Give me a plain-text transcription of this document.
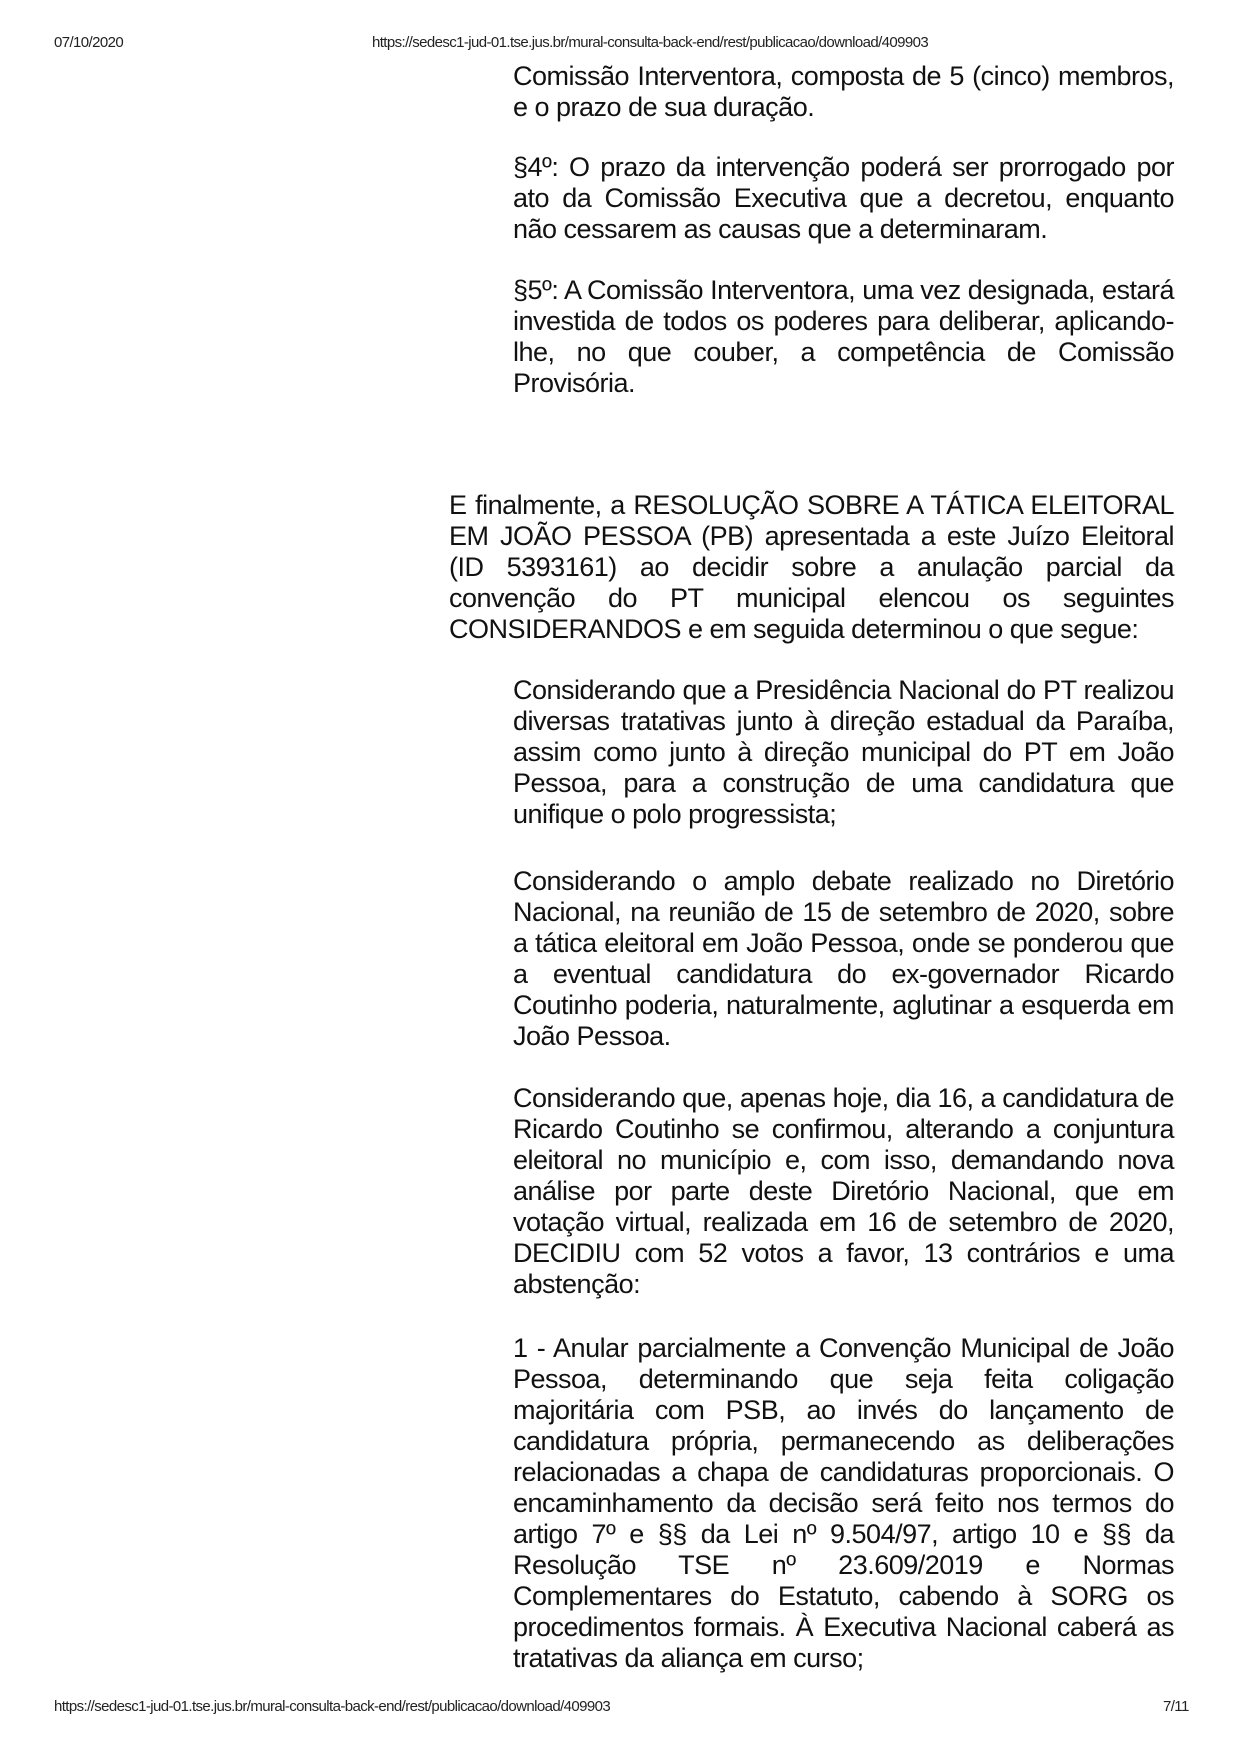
07/10/2020	https://sedesc1-jud-01.tse.jus.br/mural-consulta-back-end/rest/publicacao/download/409903

Comissão Interventora, composta de 5 (cinco) membros, e o prazo de sua duração.

§4º: O prazo da intervenção poderá ser prorrogado por ato da Comissão Executiva que a decretou, enquanto não cessarem as causas que a determinaram.

§5º: A Comissão Interventora, uma vez designada, estará investida de todos os poderes para deliberar, aplicando-lhe, no que couber, a competência de Comissão Provisória.

E finalmente, a RESOLUÇÃO SOBRE A TÁTICA ELEITORAL EM JOÃO PESSOA (PB) apresentada a este Juízo Eleitoral (ID 5393161) ao decidir sobre a anulação parcial da convenção do PT municipal elencou os seguintes CONSIDERANDOS e em seguida determinou o que segue:

Considerando que a Presidência Nacional do PT realizou diversas tratativas junto à direção estadual da Paraíba, assim como junto à direção municipal do PT em João Pessoa, para a construção de uma candidatura que unifique o polo progressista;

Considerando o amplo debate realizado no Diretório Nacional, na reunião de 15 de setembro de 2020, sobre a tática eleitoral em João Pessoa, onde se ponderou que a eventual candidatura do ex-governador Ricardo Coutinho poderia, naturalmente, aglutinar a esquerda em João Pessoa.

Considerando que, apenas hoje, dia 16, a candidatura de Ricardo Coutinho se confirmou, alterando a conjuntura eleitoral no município e, com isso, demandando nova análise por parte deste Diretório Nacional, que em votação virtual, realizada em 16 de setembro de 2020, DECIDIU com 52 votos a favor, 13 contrários e uma abstenção:

1 - Anular parcialmente a Convenção Municipal de João Pessoa, determinando que seja feita coligação majoritária com PSB, ao invés do lançamento de candidatura própria, permanecendo as deliberações relacionadas a chapa de candidaturas proporcionais. O encaminhamento da decisão será feito nos termos do artigo 7º e §§ da Lei nº 9.504/97, artigo 10 e §§ da Resolução TSE nº 23.609/2019 e Normas Complementares do Estatuto, cabendo à SORG os procedimentos formais. À Executiva Nacional caberá as tratativas da aliança em curso;

https://sedesc1-jud-01.tse.jus.br/mural-consulta-back-end/rest/publicacao/download/409903	7/11
